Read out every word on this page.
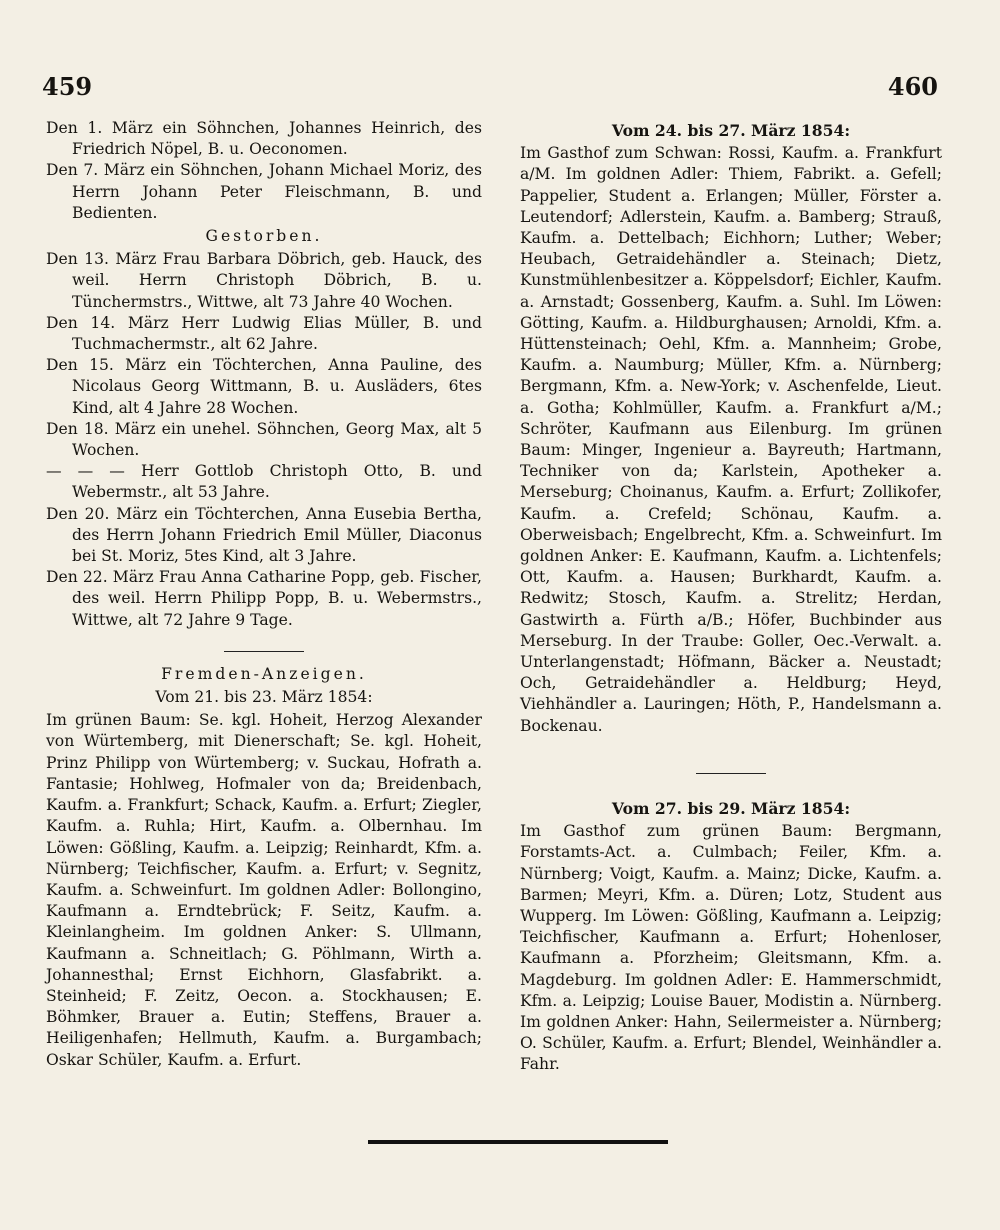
459	460

Den 1. März ein Söhnchen, Johannes Heinrich, des Friedrich Nöpel, B. u. Oeconomen.

Den 7. März ein Söhnchen, Johann Michael Moriz, des Herrn Johann Peter Fleischmann, B. und Bedienten.

Gestorben.

Den 13. März Frau Barbara Döbrich, geb. Hauck, des weil. Herrn Christoph Döbrich, B. u. Tünchermstrs., Wittwe, alt 73 Jahre 40 Wochen.

Den 14. März Herr Ludwig Elias Müller, B. und Tuchmachermstr., alt 62 Jahre.

Den 15. März ein Töchterchen, Anna Pauline, des Nicolaus Georg Wittmann, B. u. Ausläders, 6tes Kind, alt 4 Jahre 28 Wochen.

Den 18. März ein unehel. Söhnchen, Georg Max, alt 5 Wochen.

— — — Herr Gottlob Christoph Otto, B. und Webermstr., alt 53 Jahre.

Den 20. März ein Töchterchen, Anna Eusebia Bertha, des Herrn Johann Friedrich Emil Müller, Diaconus bei St. Moriz, 5tes Kind, alt 3 Jahre.

Den 22. März Frau Anna Catharine Popp, geb. Fischer, des weil. Herrn Philipp Popp, B. u. Webermstrs., Wittwe, alt 72 Jahre 9 Tage.

Fremden-Anzeigen.
Vom 21. bis 23. März 1854:

Im grünen Baum: Se. kgl. Hoheit, Herzog Alexander von Würtemberg, mit Dienerschaft; Se. kgl. Hoheit, Prinz Philipp von Würtemberg; v. Suckau, Hofrath a. Fantasie; Hohlweg, Hofmaler von da; Breidenbach, Kaufm. a. Frankfurt; Schack, Kaufm. a. Erfurt; Ziegler, Kaufm. a. Ruhla; Hirt, Kaufm. a. Olbernhau. Im Löwen: Gößling, Kaufm. a. Leipzig; Reinhardt, Kfm. a. Nürnberg; Teichfischer, Kaufm. a. Erfurt; v. Segnitz, Kaufm. a. Schweinfurt. Im goldnen Adler: Bollongino, Kaufmann a. Erndtebrück; F. Seitz, Kaufm. a. Kleinlangheim. Im goldnen Anker: S. Ullmann, Kaufmann a. Schneitlach; G. Pöhlmann, Wirth a. Johannesthal; Ernst Eichhorn, Glasfabrikt. a. Steinheid; F. Zeitz, Oecon. a. Stockhausen; E. Böhmker, Brauer a. Eutin; Steffens, Brauer a. Heiligenhafen; Hellmuth, Kaufm. a. Burgambach; Oskar Schüler, Kaufm. a. Erfurt.

Vom 24. bis 27. März 1854:

Im Gasthof zum Schwan: Rossi, Kaufm. a. Frankfurt a/M. Im goldnen Adler: Thiem, Fabrikt. a. Gefell; Pappelier, Student a. Erlangen; Müller, Förster a. Leutendorf; Adlerstein, Kaufm. a. Bamberg; Strauß, Kaufm. a. Dettelbach; Eichhorn; Luther; Weber; Heubach, Getraidehändler a. Steinach; Dietz, Kunstmühlenbesitzer a. Köppelsdorf; Eichler, Kaufm. a. Arnstadt; Gossenberg, Kaufm. a. Suhl. Im Löwen: Götting, Kaufm. a. Hildburghausen; Arnoldi, Kfm. a. Hüttensteinach; Oehl, Kfm. a. Mannheim; Grobe, Kaufm. a. Naumburg; Müller, Kfm. a. Nürnberg; Bergmann, Kfm. a. New-York; v. Aschenfelde, Lieut. a. Gotha; Kohlmüller, Kaufm. a. Frankfurt a/M.; Schröter, Kaufmann aus Eilenburg. Im grünen Baum: Minger, Ingenieur a. Bayreuth; Hartmann, Techniker von da; Karlstein, Apotheker a. Merseburg; Choinanus, Kaufm. a. Erfurt; Zollikofer, Kaufm. a. Crefeld; Schönau, Kaufm. a. Oberweisbach; Engelbrecht, Kfm. a. Schweinfurt. Im goldnen Anker: E. Kaufmann, Kaufm. a. Lichtenfels; Ott, Kaufm. a. Hausen; Burkhardt, Kaufm. a. Redwitz; Stosch, Kaufm. a. Strelitz; Herdan, Gastwirth a. Fürth a/B.; Höfer, Buchbinder aus Merseburg. In der Traube: Goller, Oec.-Verwalt. a. Unterlangenstadt; Höfmann, Bäcker a. Neustadt; Och, Getraidehändler a. Heldburg; Heyd, Viehhändler a. Lauringen; Höth, P., Handelsmann a. Bockenau.

Vom 27. bis 29. März 1854:

Im Gasthof zum grünen Baum: Bergmann, Forstamts-Act. a. Culmbach; Feiler, Kfm. a. Nürnberg; Voigt, Kaufm. a. Mainz; Dicke, Kaufm. a. Barmen; Meyri, Kfm. a. Düren; Lotz, Student aus Wupperg. Im Löwen: Gößling, Kaufmann a. Leipzig; Teichfischer, Kaufmann a. Erfurt; Hohenloser, Kaufmann a. Pforzheim; Gleitsmann, Kfm. a. Magdeburg. Im goldnen Adler: E. Hammerschmidt, Kfm. a. Leipzig; Louise Bauer, Modistin a. Nürnberg. Im goldnen Anker: Hahn, Seilermeister a. Nürnberg; O. Schüler, Kaufm. a. Erfurt; Blendel, Weinhändler a. Fahr.
